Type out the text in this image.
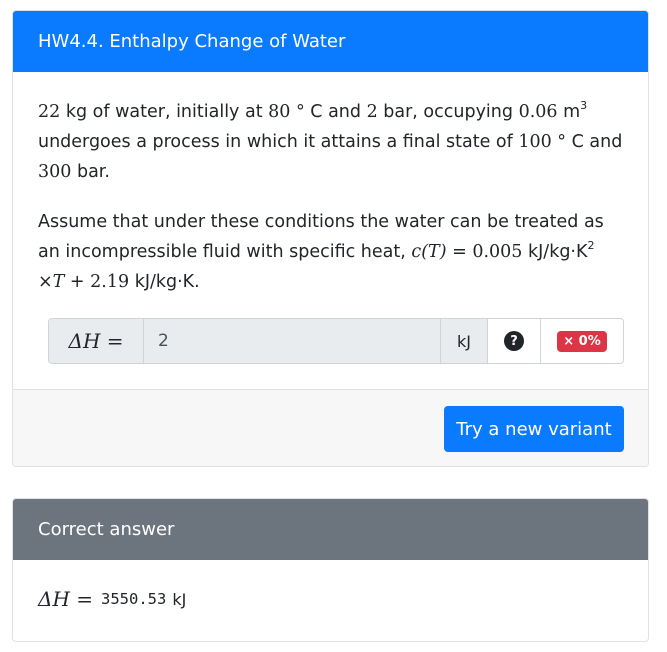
HW4.4. Enthalpy Change of Water

22 kg of water, initially at 80 ° C and 2 bar, occupying 0.06 $m^3$ undergoes a process in which it attains a final state of 100 ° C and 300 bar.

Assume that under these conditions the water can be treated as an incompressible fluid with specific heat, c(T) = 0.005 $kJ/kg\cdot K^2 \times T + 2.19$ kJ/kg·K.

ΔH =
2	kJ	?	× 0%
Try a new variant
Correct answer
ΔH = 3550.53 kJ
